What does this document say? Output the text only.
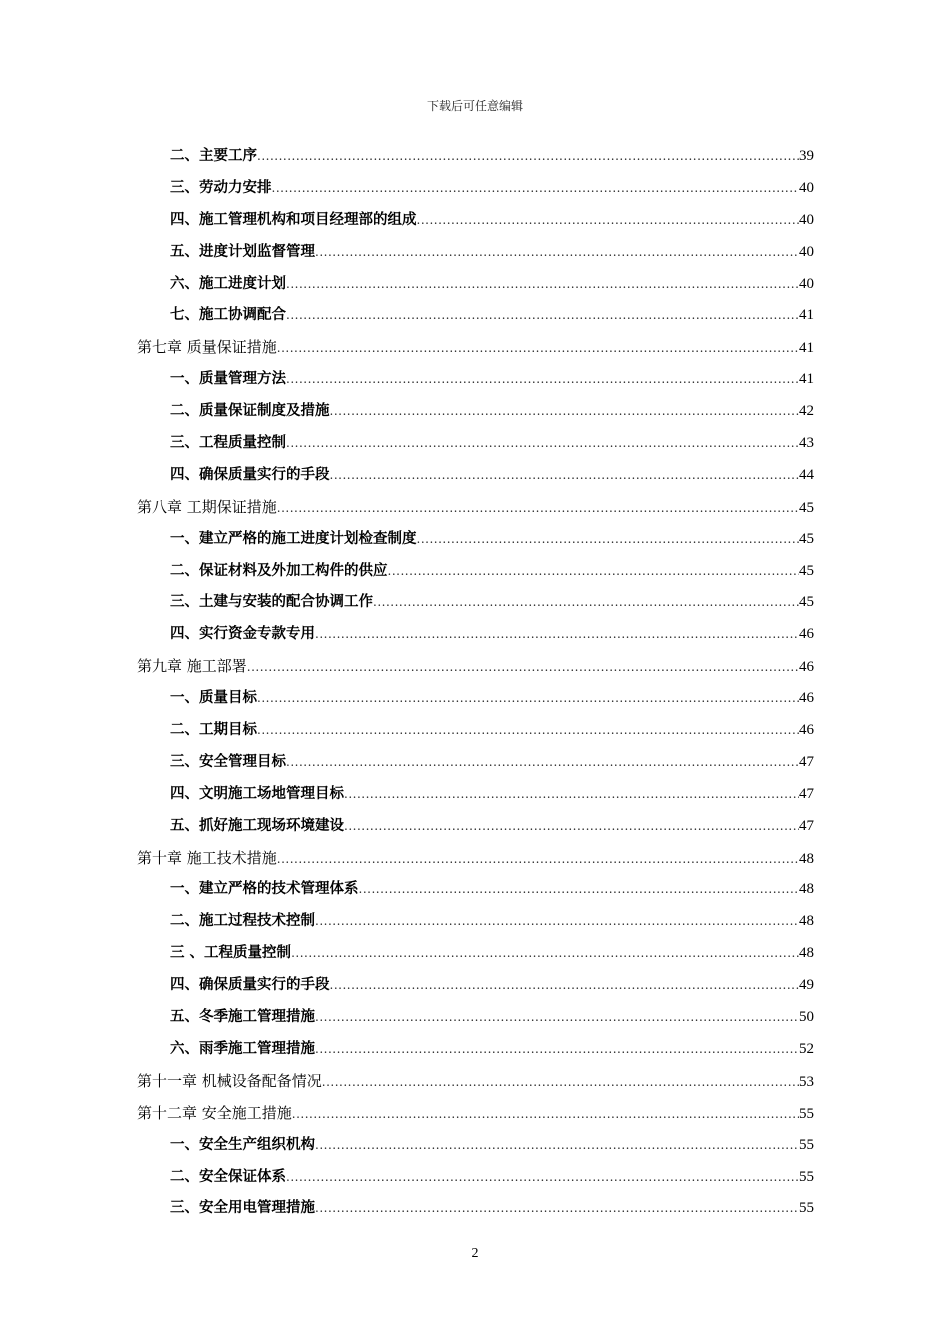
下载后可任意编辑
二、主要工序 .....	39
三、劳动力安排 .....	40
四、施工管理机构和项目经理部的组成 .....	40
五、进度计划监督管理 .....	40
六、施工进度计划 .....	40
七、施工协调配合 .....	41
第七章 质量保证措施 .....	41
一、质量管理方法 .....	41
二、质量保证制度及措施 .....	42
三、工程质量控制 .....	43
四、确保质量实行的手段 .....	44
第八章 工期保证措施 .....	45
一、建立严格的施工进度计划检查制度 .....	45
二、保证材料及外加工构件的供应 .....	45
三、土建与安装的配合协调工作 .....	45
四、实行资金专款专用 .....	46
第九章 施工部署 .....	46
一、质量目标 .....	46
二、工期目标 .....	46
三、安全管理目标 .....	47
四、文明施工场地管理目标 .....	47
五、抓好施工现场环境建设 .....	47
第十章 施工技术措施 .....	48
一、建立严格的技术管理体系 .....	48
二、施工过程技术控制 .....	48
三 、工程质量控制 .....	48
四、确保质量实行的手段 .....	49
五、冬季施工管理措施 .....	50
六、雨季施工管理措施 .....	52
第十一章 机械设备配备情况 .....	53
第十二章 安全施工措施 .....	55
一、安全生产组织机构 .....	55
二、安全保证体系 .....	55
三、安全用电管理措施 .....	55
2
